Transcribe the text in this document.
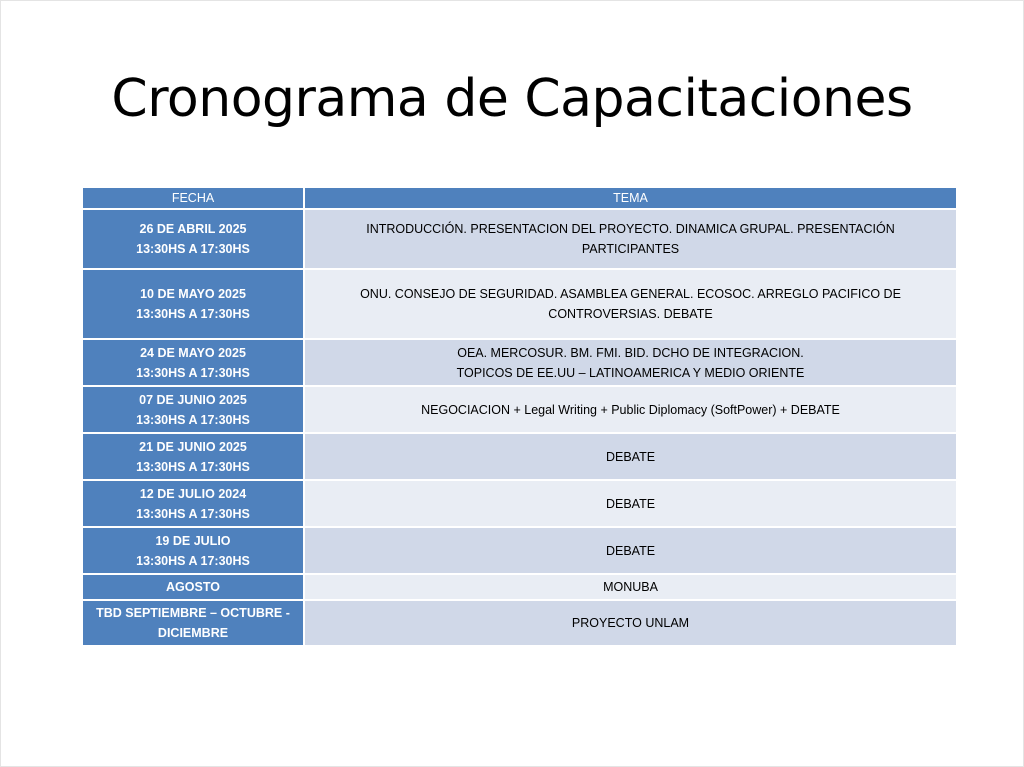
Cronograma de Capacitaciones
FECHA	TEMA

26 DE ABRIL 2025
13:30HS A 17:30HS	INTRODUCCIÓN. PRESENTACION DEL PROYECTO. DINAMICA GRUPAL. PRESENTACIÓN
PARTICIPANTES

10 DE MAYO 2025
13:30HS A 17:30HS	ONU. CONSEJO DE SEGURIDAD. ASAMBLEA GENERAL. ECOSOC. ARREGLO PACIFICO DE
CONTROVERSIAS. DEBATE

24 DE MAYO 2025
13:30HS A 17:30HS	OEA. MERCOSUR. BM. FMI. BID. DCHO DE INTEGRACION.
TOPICOS DE EE.UU – LATINOAMERICA Y MEDIO ORIENTE

07 DE JUNIO 2025
13:30HS A 17:30HS	NEGOCIACION + Legal Writing + Public Diplomacy (SoftPower) + DEBATE

21 DE JUNIO 2025
13:30HS A 17:30HS	DEBATE

12 DE JULIO 2024
13:30HS A 17:30HS	DEBATE

19 DE JULIO
13:30HS A 17:30HS	DEBATE

AGOSTO	MONUBA

TBD SEPTIEMBRE – OCTUBRE -
DICIEMBRE	PROYECTO UNLAM
